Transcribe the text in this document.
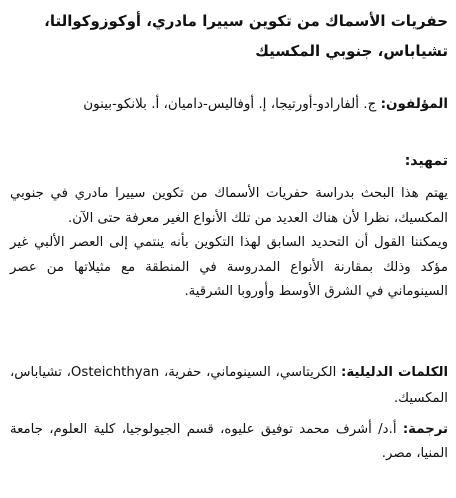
حفريات الأسماك من تكوين سييرا مادري، أوكوزوكوالتا، تشياباس، جنوبي المكسيك
المؤلفون: ج. ألفارادو-أورتيجا، إ. أوفاليس-داميان، أ. بلانكو-بينون
تمهيد:

يهتم هذا البحث بدراسة حفريات الأسماك من تكوين سييرا مادري في جنوبي المكسيك، نظرا لأن هناك العديد من تلك الأنواع الغير معرفة حتى الآن.

ويمكننا القول أن التحديد السابق لهذا التكوين بأنه ينتمي إلى العصر الألبي غير مؤكد وذلك بمقارنة الأنواع المدروسة في المنطقة مع مثيلاتها من عصر السينوماني في الشرق الأوسط وأوروبا الشرقية.

الكلمات الدليلية: الكريتاسي، السينوماني، حفرية، Osteichthyan، تشياباس، المكسيك.
ترجمة: أ.د/ أشرف محمد توفيق عليوه، قسم الجيولوجيا، كلية العلوم، جامعة المنيا، مصر.
